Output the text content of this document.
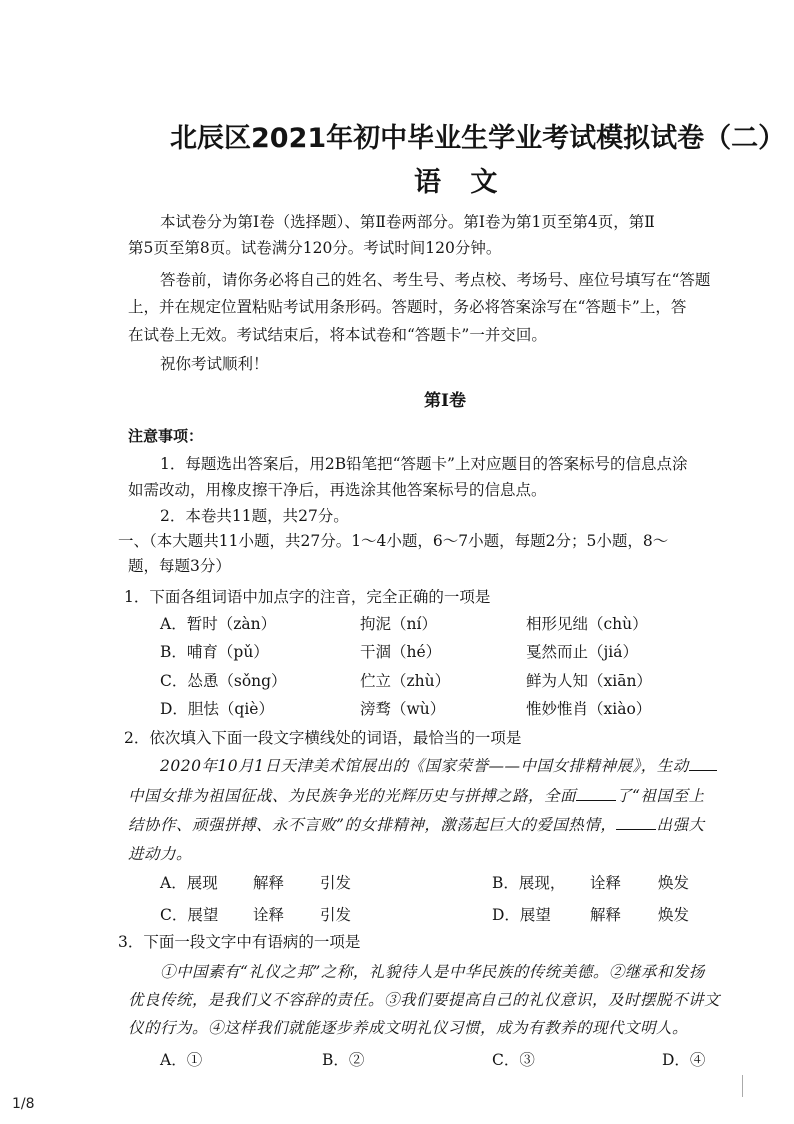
北辰区2021年初中毕业生学业考试模拟试卷（二）
语 文
本试卷分为第Ⅰ卷（选择题）、第Ⅱ卷两部分。第Ⅰ卷为第1页至第4页，第Ⅱ
第5页至第8页。试卷满分120分。考试时间120分钟。
答卷前，请你务必将自己的姓名、考生号、考点校、考场号、座位号填写在“答题
上，并在规定位置粘贴考试用条形码。答题时，务必将答案涂写在“答题卡”上，答
在试卷上无效。考试结束后，将本试卷和“答题卡”一并交回。
祝你考试顺利！
第Ⅰ卷
注意事项：
1．每题选出答案后，用2B铅笔把“答题卡”上对应题目的答案标号的信息点涂
如需改动，用橡皮擦干净后，再选涂其他答案标号的信息点。
2．本卷共11题，共27分。
一、（本大题共11小题，共27分。1～4小题，6～7小题，每题2分；5小题，8～
题，每题3分）
1．下面各组词语中加点字的注音，完全正确的一项是
A．暂时（zàn）	拘泥（ní）	相形见绌（chù）
B．哺育（pǔ）	干涸（hé）	戛然而止（jiá）
C．怂恿（sǒng）	伫立（zhù）	鲜为人知（xiān）
D．胆怯（qiè）	滂骛（wù）	惟妙惟肖（xiào）
2．依次填入下面一段文字横线处的词语，最恰当的一项是
2020年10月1日天津美术馆展出的《国家荣誉——中国女排精神展》，生动
中国女排为祖国征战、为民族争光的光辉历史与拼搏之路，全面	了“祖国至上
结协作、顽强拼搏、永不言败”的女排精神，激荡起巨大的爱国热情，	出强大
进动力。
A．展现 解释 引发	B．展现， 诠释 焕发
C．展望 诠释 引发	D．展望	解释 焕发
3．下面一段文字中有语病的一项是
①中国素有“礼仪之邦”之称，礼貌待人是中华民族的传统美德。②继承和发扬
优良传统，是我们义不容辞的责任。③我们要提高自己的礼仪意识，及时摆脱不讲文
仪的行为。④这样我们就能逐步养成文明礼仪习惯，成为有教养的现代文明人。
A．①	B．②	C．③	D．④
1/8
